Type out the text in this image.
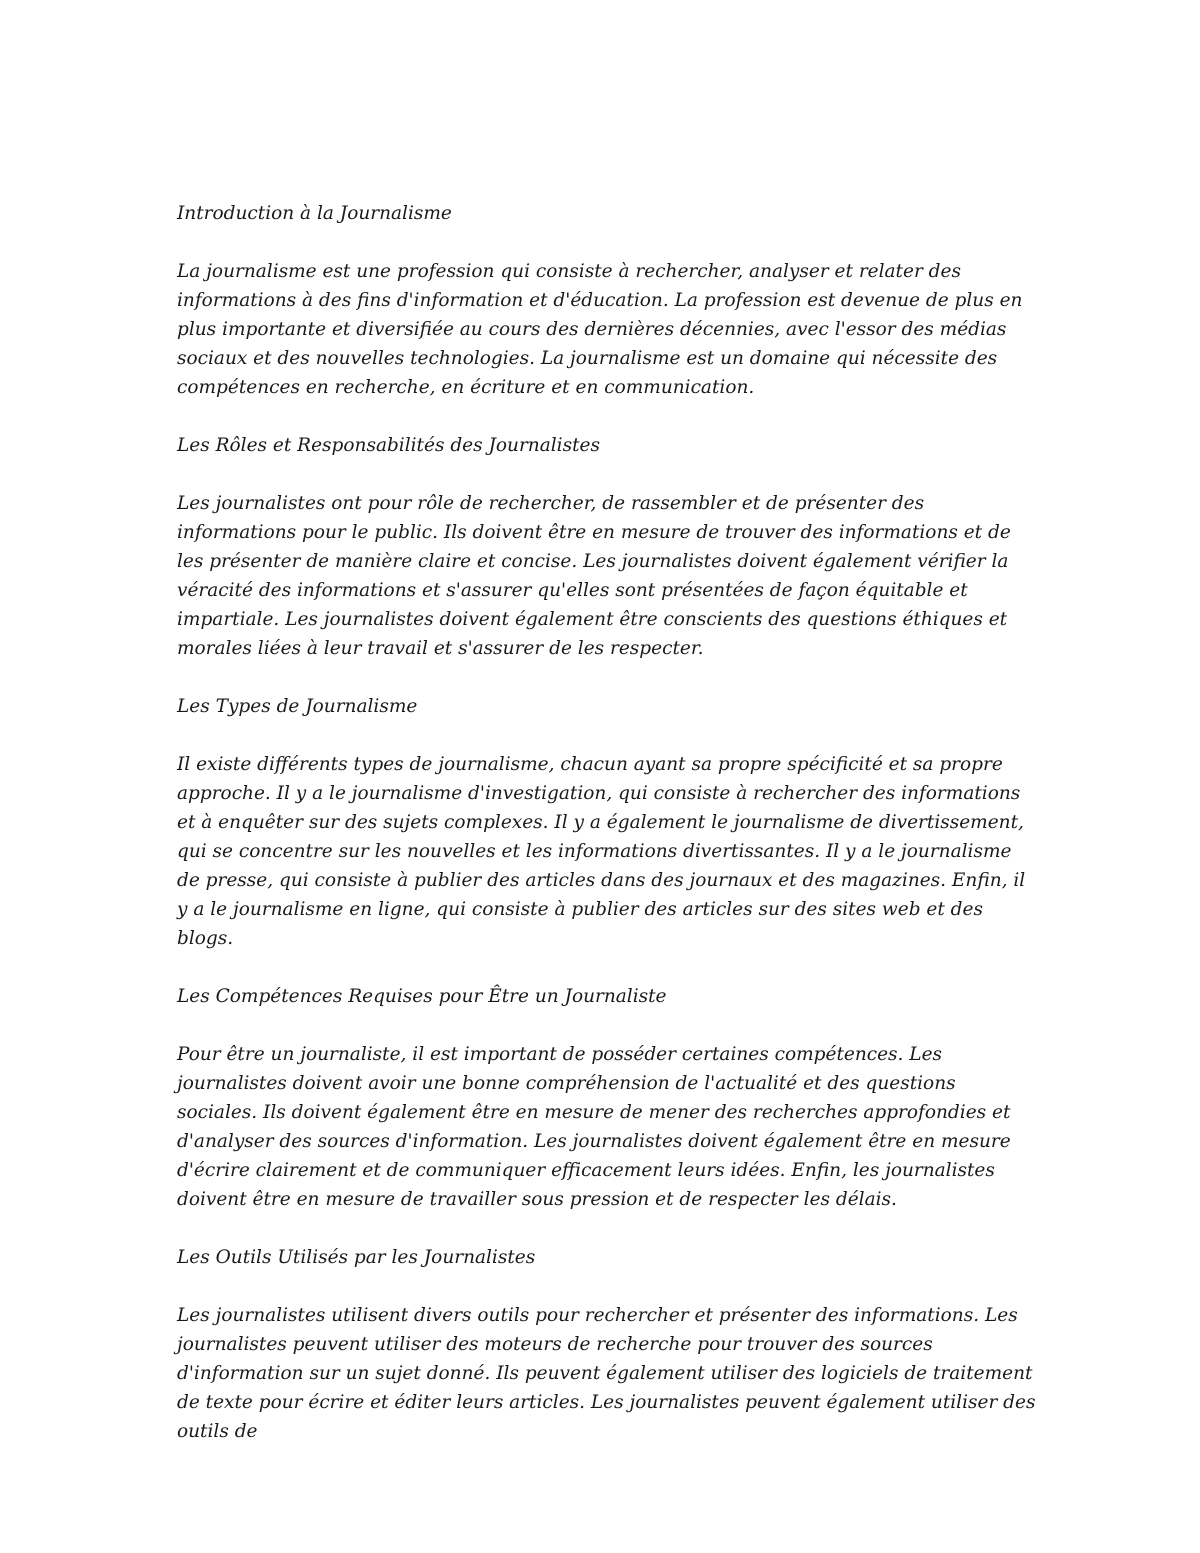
Introduction à la Journalisme

La journalisme est une profession qui consiste à rechercher, analyser et relater des informations à des fins d'information et d'éducation. La profession est devenue de plus en plus importante et diversifiée au cours des dernières décennies, avec l'essor des médias sociaux et des nouvelles technologies. La journalisme est un domaine qui nécessite des compétences en recherche, en écriture et en communication.

Les Rôles et Responsabilités des Journalistes

Les journalistes ont pour rôle de rechercher, de rassembler et de présenter des informations pour le public. Ils doivent être en mesure de trouver des informations et de les présenter de manière claire et concise. Les journalistes doivent également vérifier la véracité des informations et s'assurer qu'elles sont présentées de façon équitable et impartiale. Les journalistes doivent également être conscients des questions éthiques et morales liées à leur travail et s'assurer de les respecter.

Les Types de Journalisme

Il existe différents types de journalisme, chacun ayant sa propre spécificité et sa propre approche. Il y a le journalisme d'investigation, qui consiste à rechercher des informations et à enquêter sur des sujets complexes. Il y a également le journalisme de divertissement, qui se concentre sur les nouvelles et les informations divertissantes. Il y a le journalisme de presse, qui consiste à publier des articles dans des journaux et des magazines. Enfin, il y a le journalisme en ligne, qui consiste à publier des articles sur des sites web et des blogs.

Les Compétences Requises pour Être un Journaliste

Pour être un journaliste, il est important de posséder certaines compétences. Les journalistes doivent avoir une bonne compréhension de l'actualité et des questions sociales. Ils doivent également être en mesure de mener des recherches approfondies et d'analyser des sources d'information. Les journalistes doivent également être en mesure d'écrire clairement et de communiquer efficacement leurs idées. Enfin, les journalistes doivent être en mesure de travailler sous pression et de respecter les délais.

Les Outils Utilisés par les Journalistes

Les journalistes utilisent divers outils pour rechercher et présenter des informations. Les journalistes peuvent utiliser des moteurs de recherche pour trouver des sources d'information sur un sujet donné. Ils peuvent également utiliser des logiciels de traitement de texte pour écrire et éditer leurs articles. Les journalistes peuvent également utiliser des outils de
